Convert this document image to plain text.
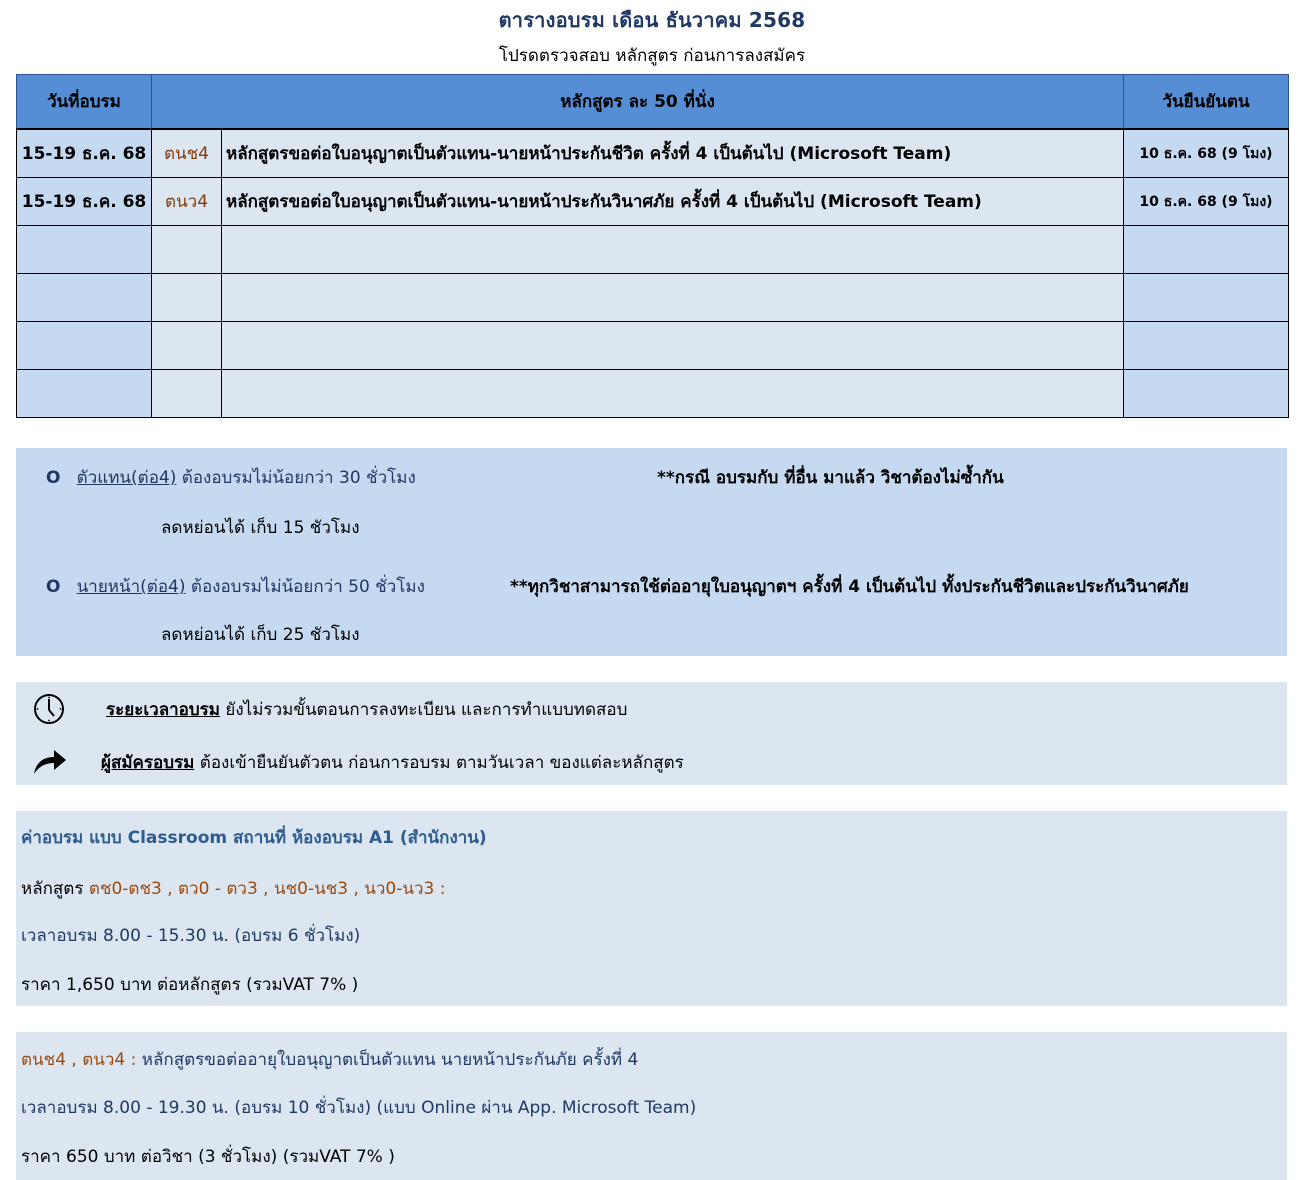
ตารางอบรม เดือน ธันวาคม 2568
โปรดตรวจสอบ หลักสูตร ก่อนการลงสมัคร
วันที่อบรม	หลักสูตร ละ 50 ที่นั่ง		วันยืนยันตน
15-19 ธ.ค. 68	ตนช4	หลักสูตรขอต่อใบอนุญาตเป็นตัวแทน-นายหน้าประกันชีวิต ครั้งที่ 4 เป็นต้นไป (Microsoft Team)	10 ธ.ค. 68 (9 โมง)
15-19 ธ.ค. 68	ตนว4	หลักสูตรขอต่อใบอนุญาตเป็นตัวแทน-นายหน้าประกันวินาศภัย ครั้งที่ 4 เป็นต้นไป (Microsoft Team)	10 ธ.ค. 68 (9 โมง)

O ตัวแทน(ต่อ4) ต้องอบรมไม่น้อยกว่า 30 ชั่วโมง	**กรณี อบรมกับ ที่อื่น มาแล้ว วิชาต้องไม่ซ้ำกัน
ลดหย่อนได้ เก็บ 15 ชัวโมง
O นายหน้า(ต่อ4) ต้องอบรมไม่น้อยกว่า 50 ชั่วโมง	**ทุกวิชาสามารถใช้ต่ออายุใบอนุญาตฯ ครั้งที่ 4 เป็นต้นไป ทั้งประกันชีวิตและประกันวินาศภัย
ลดหย่อนได้ เก็บ 25 ชัวโมง
ระยะเวลาอบรม ยังไม่รวมขั้นตอนการลงทะเบียน และการทำแบบทดสอบ
ผู้สมัครอบรม ต้องเข้ายืนยันตัวตน ก่อนการอบรม ตามวันเวลา ของแต่ละหลักสูตร
ค่าอบรม แบบ Classroom สถานที่ ห้องอบรม A1 (สำนักงาน)
หลักสูตร ตช0-ตช3 , ตว0 - ตว3 , นช0-นช3 , นว0-นว3 :
เวลาอบรม 8.00 - 15.30 น. (อบรม 6 ชั่วโมง)
ราคา 1,650 บาท ต่อหลักสูตร (รวมVAT 7% )
ตนช4 , ตนว4 : หลักสูตรขอต่ออายุใบอนุญาตเป็นตัวแทน นายหน้าประกันภัย ครั้งที่ 4
เวลาอบรม 8.00 - 19.30 น. (อบรม 10 ชั่วโมง) (แบบ Online ผ่าน App. Microsoft Team)
ราคา 650 บาท ต่อวิชา (3 ชั่วโมง) (รวมVAT 7% )
